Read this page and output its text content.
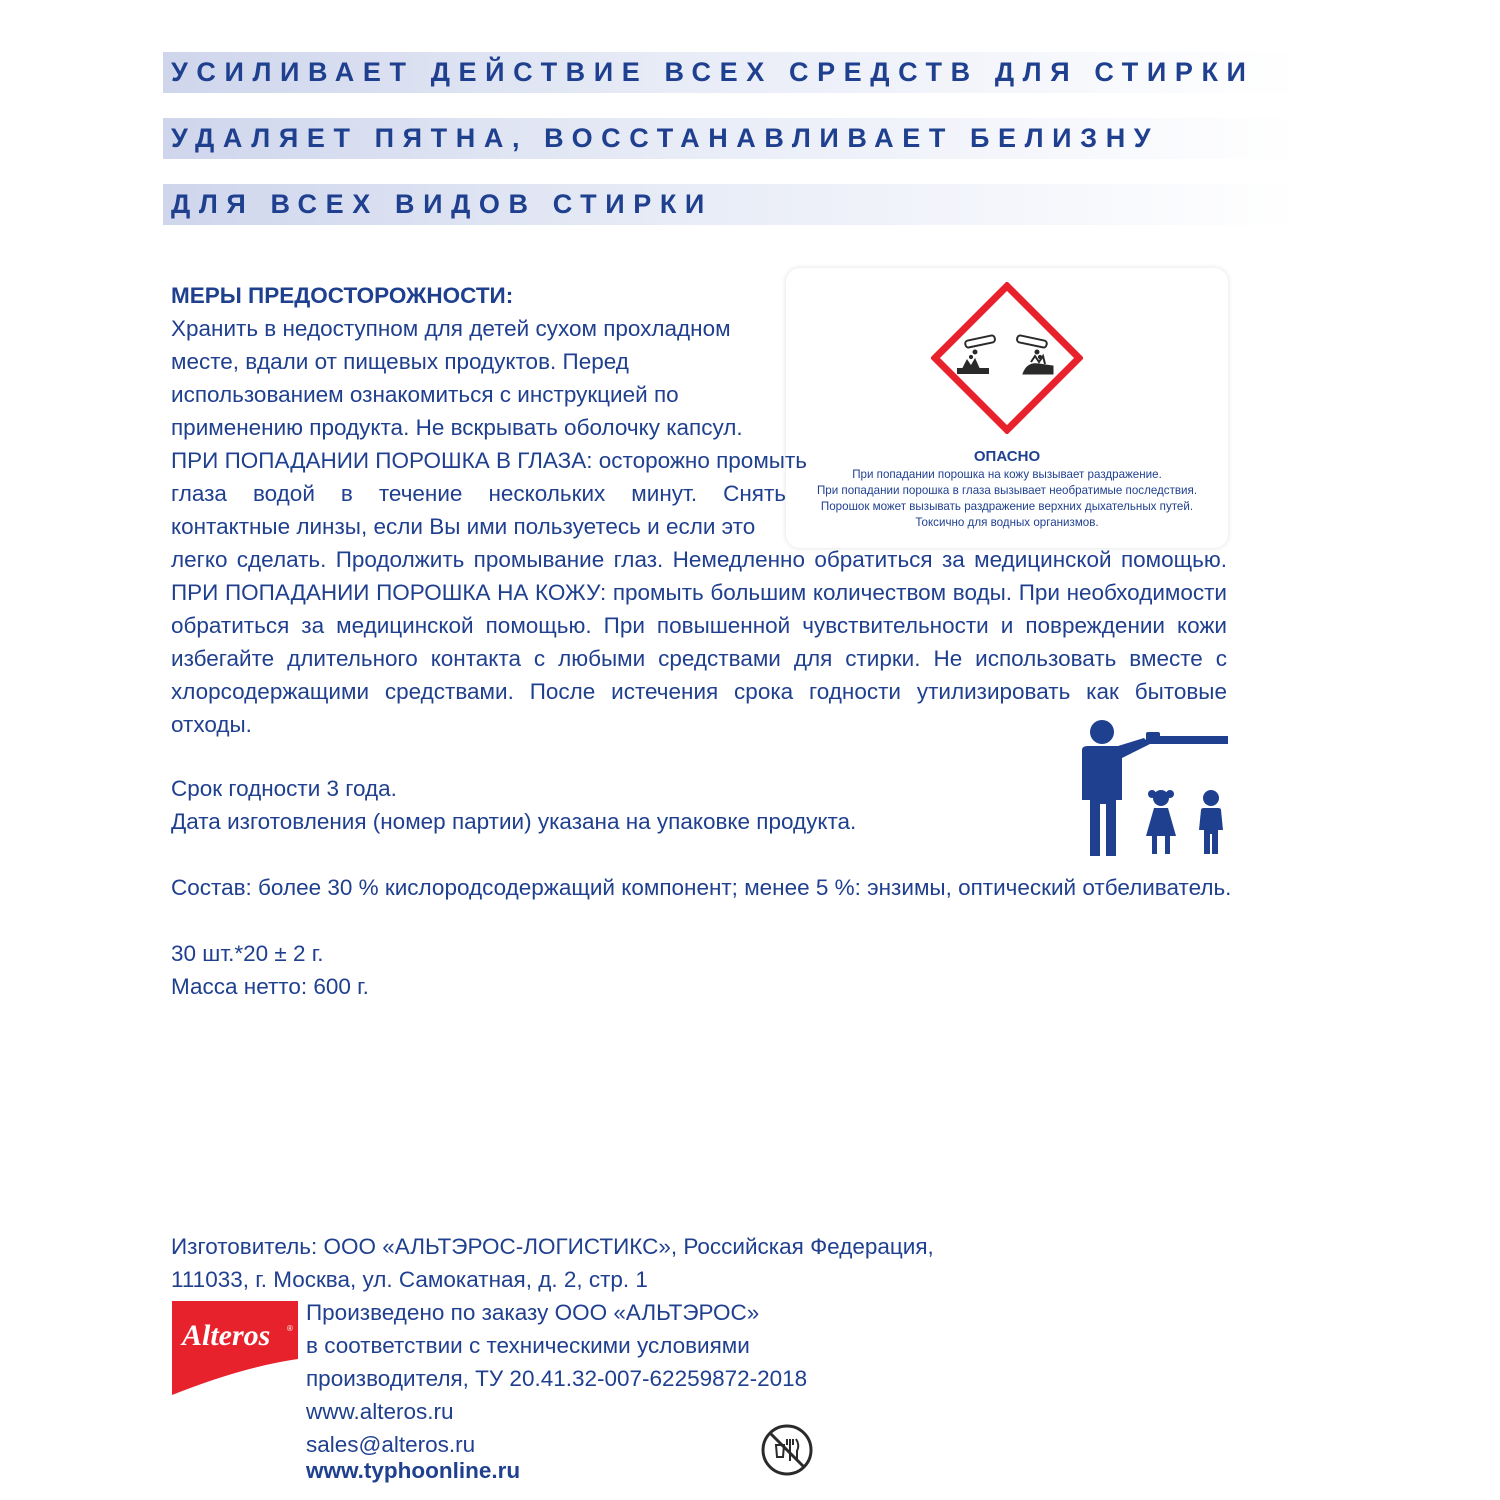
УСИЛИВАЕТ ДЕЙСТВИЕ ВСЕХ СРЕДСТВ ДЛЯ СТИРКИ
УДАЛЯЕТ ПЯТНА, ВОССТАНАВЛИВАЕТ БЕЛИЗНУ
ДЛЯ ВСЕХ ВИДОВ СТИРКИ
ОПАСНО
При попадании порошка на кожу вызывает раздражение.
При попадании порошка в глаза вызывает необратимые последствия.
Порошок может вызывать раздражение верхних дыхательных путей.
Токсично для водных организмов.
МЕРЫ ПРЕДОСТОРОЖНОСТИ:
Хранить в недоступном для детей сухом прохладном
месте, вдали от пищевых продуктов. Перед
использованием ознакомиться с инструкцией по
применению продукта. Не вскрывать оболочку капсул.
ПРИ ПОПАДАНИИ ПОРОШКА В ГЛАЗА: осторожно промыть
глаза водой в течение нескольких минут. Снять
контактные линзы, если Вы ими пользуетесь и если это
легко сделать. Продолжить промывание глаз. Немедленно обратиться за медицинской помощью.
ПРИ ПОПАДАНИИ ПОРОШКА НА КОЖУ: промыть большим количеством воды. При необходимости
обратиться за медицинской помощью. При повышенной чувствительности и повреждении кожи
избегайте длительного контакта с любыми средствами для стирки. Не использовать вместе с
хлорсодержащими средствами. После истечения срока годности утилизировать как бытовые
отходы.
Срок годности 3 года.
Дата изготовления (номер партии) указана на упаковке продукта.
Состав: более 30 % кислородсодержащий компонент; менее 5 %: энзимы, оптический отбеливатель.
30 шт.*20 ± 2 г.
Масса нетто: 600 г.
Изготовитель: ООО «АЛЬТЭРОС-ЛОГИСТИКС», Российская Федерация,
111033, г. Москва, ул. Самокатная, д. 2, стр. 1
Alteros ®
Произведено по заказу ООО «АЛЬТЭРОС»
в соответствии с техническими условиями
производителя, ТУ 20.41.32-007-62259872-2018
www.alteros.ru
sales@alteros.ru
www.typhoonline.ru
